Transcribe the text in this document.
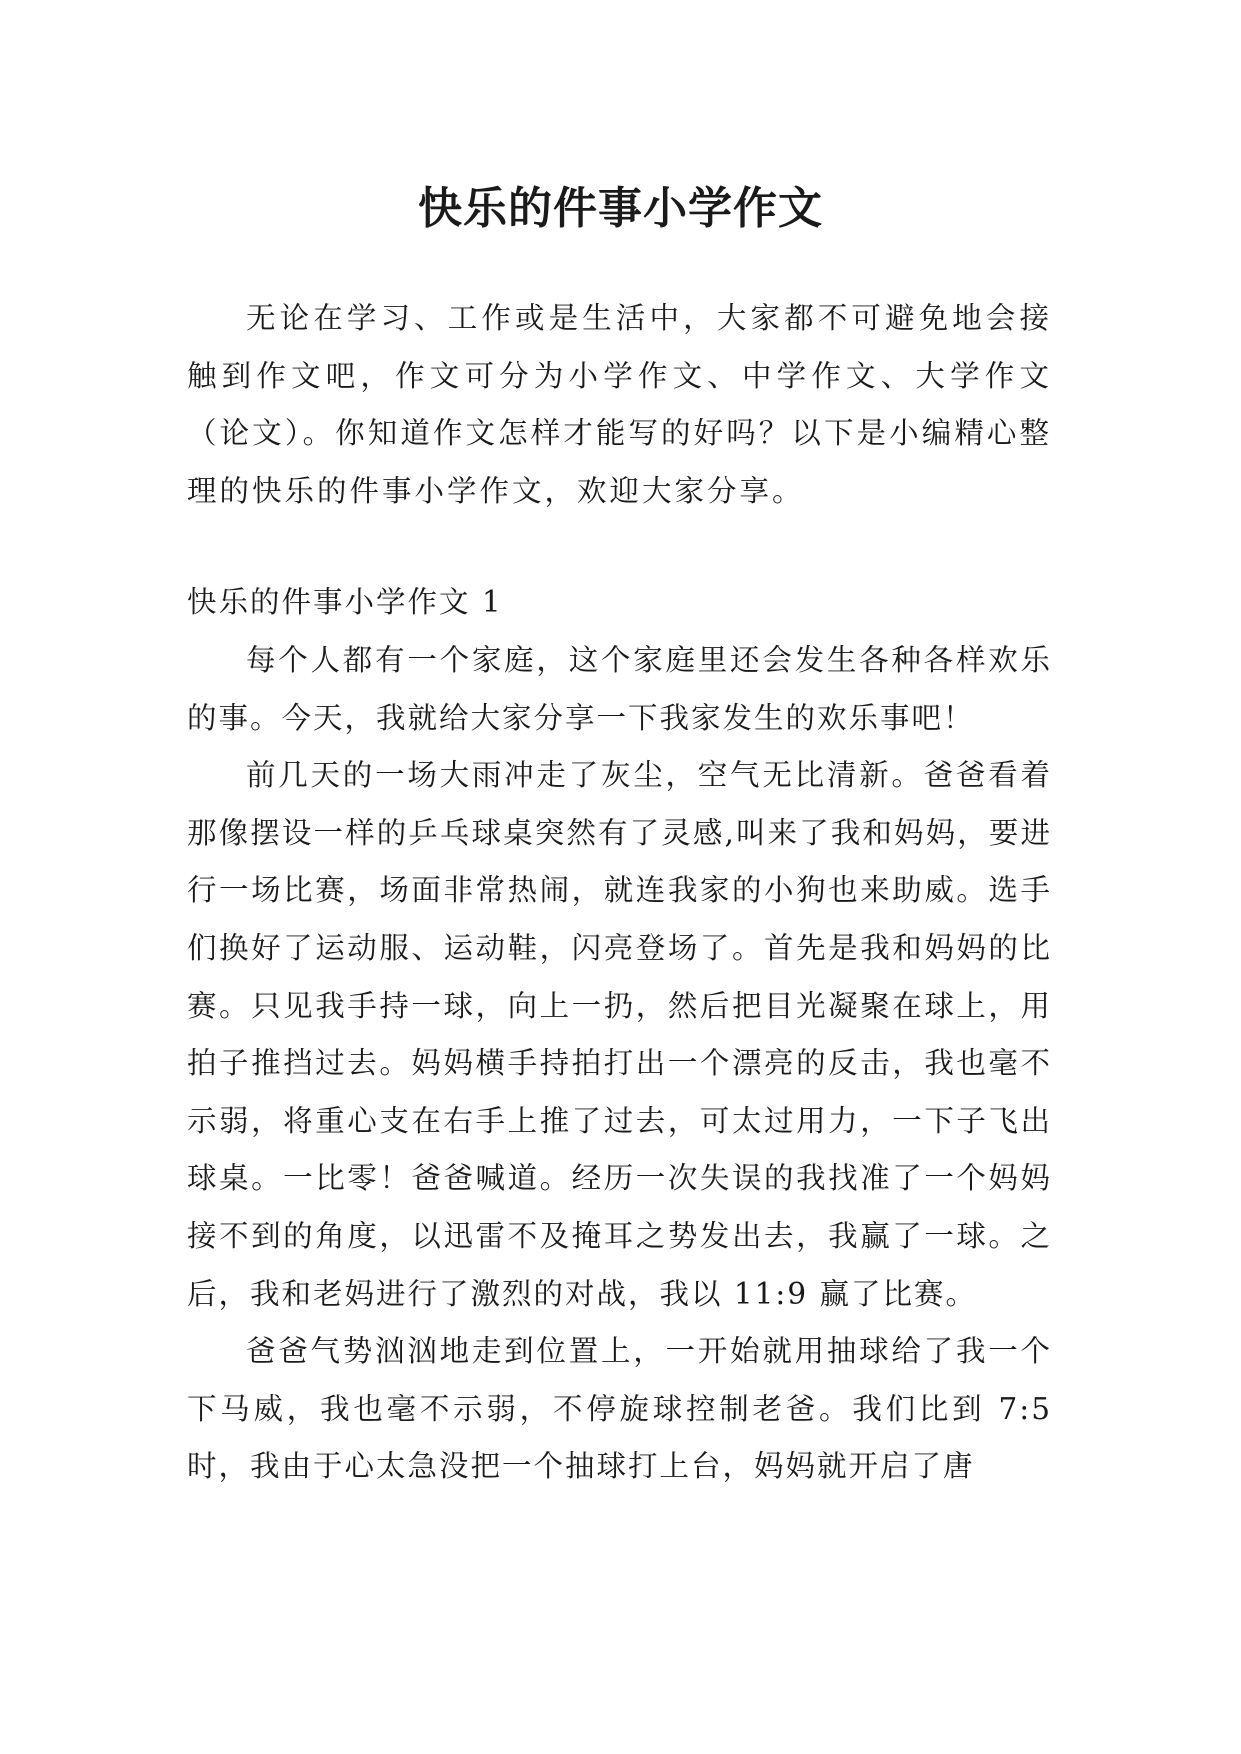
快乐的件事小学作文

无论在学习、工作或是生活中，大家都不可避免地会接触到作文吧，作文可分为小学作文、中学作文、大学作文（论文）。你知道作文怎样才能写的好吗？以下是小编精心整理的快乐的件事小学作文，欢迎大家分享。

快乐的件事小学作文 1

每个人都有一个家庭，这个家庭里还会发生各种各样欢乐的事。今天，我就给大家分享一下我家发生的欢乐事吧！

前几天的一场大雨冲走了灰尘，空气无比清新。爸爸看着那像摆设一样的乒乓球桌突然有了灵感,叫来了我和妈妈，要进行一场比赛，场面非常热闹，就连我家的小狗也来助威。选手们换好了运动服、运动鞋，闪亮登场了。首先是我和妈妈的比赛。只见我手持一球，向上一扔，然后把目光凝聚在球上，用拍子推挡过去。妈妈横手持拍打出一个漂亮的反击，我也毫不示弱，将重心支在右手上推了过去，可太过用力，一下子飞出球桌。一比零！爸爸喊道。经历一次失误的我找准了一个妈妈接不到的角度，以迅雷不及掩耳之势发出去，我赢了一球。之后，我和老妈进行了激烈的对战，我以 11:9 赢了比赛。

爸爸气势汹汹地走到位置上，一开始就用抽球给了我一个下马威，我也毫不示弱，不停旋球控制老爸。我们比到 7:5 时，我由于心太急没把一个抽球打上台，妈妈就开启了唐
